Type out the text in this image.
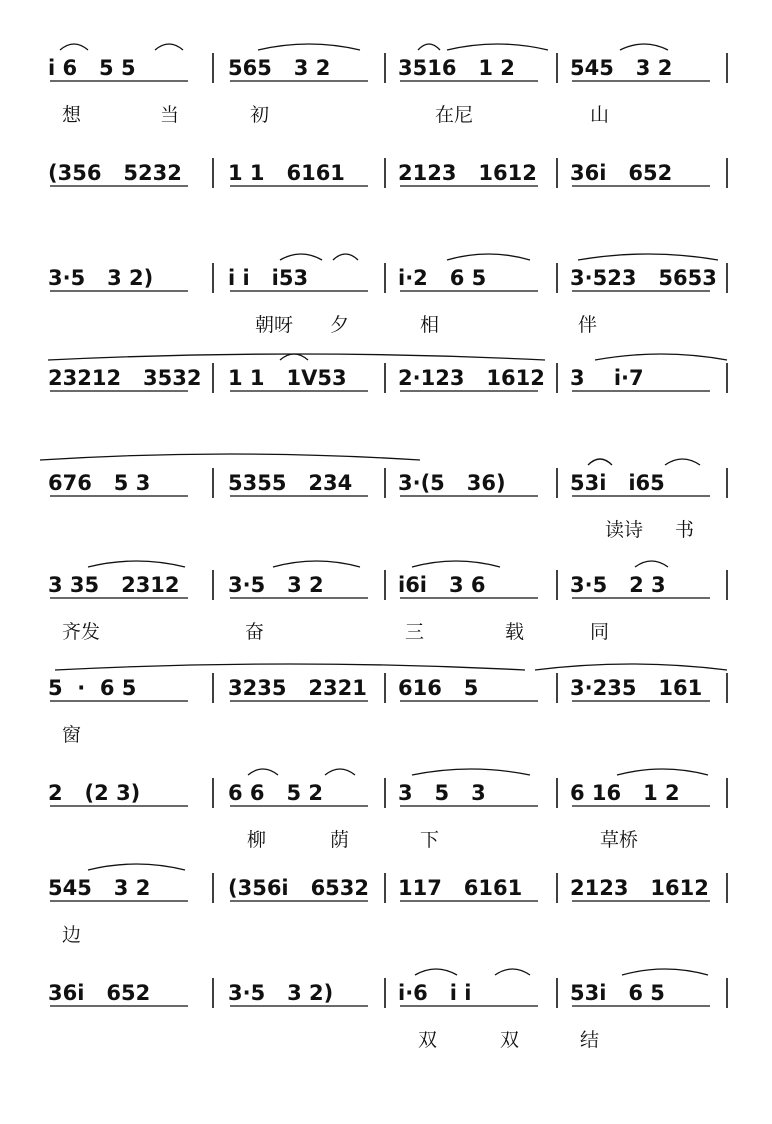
i 6   5 5	565   3 2	3516   1 2	545   3 2
想	当	初	在尼	山
(356   5232 1 1   6161	2123   1612 36i   652
3·5   3 2)	i i   i53	i·2   6 5	3·523   5653
朝呀 夕	相	伴
23212   3532 1 1   1V53 2·123   1612 3    i·7
676   5 3	5355   234 3·(5   36)	53i   i65
读诗 书
3 35   2312 3·5   3 2	i6i   3 6	3·5   2 3
齐发	奋	三	载	同
5  ·  6 5	3235   2321 616   5	3·235   161
窗
2   (2 3)	6 6   5 2	3   5   3	6 16   1 2
柳	荫	下	草桥
545   3 2	(356i   6532 117   6161 2123   1612
边
36i   652	3·5   3 2)	i·6   i i	53i   6 5
双	双	结
